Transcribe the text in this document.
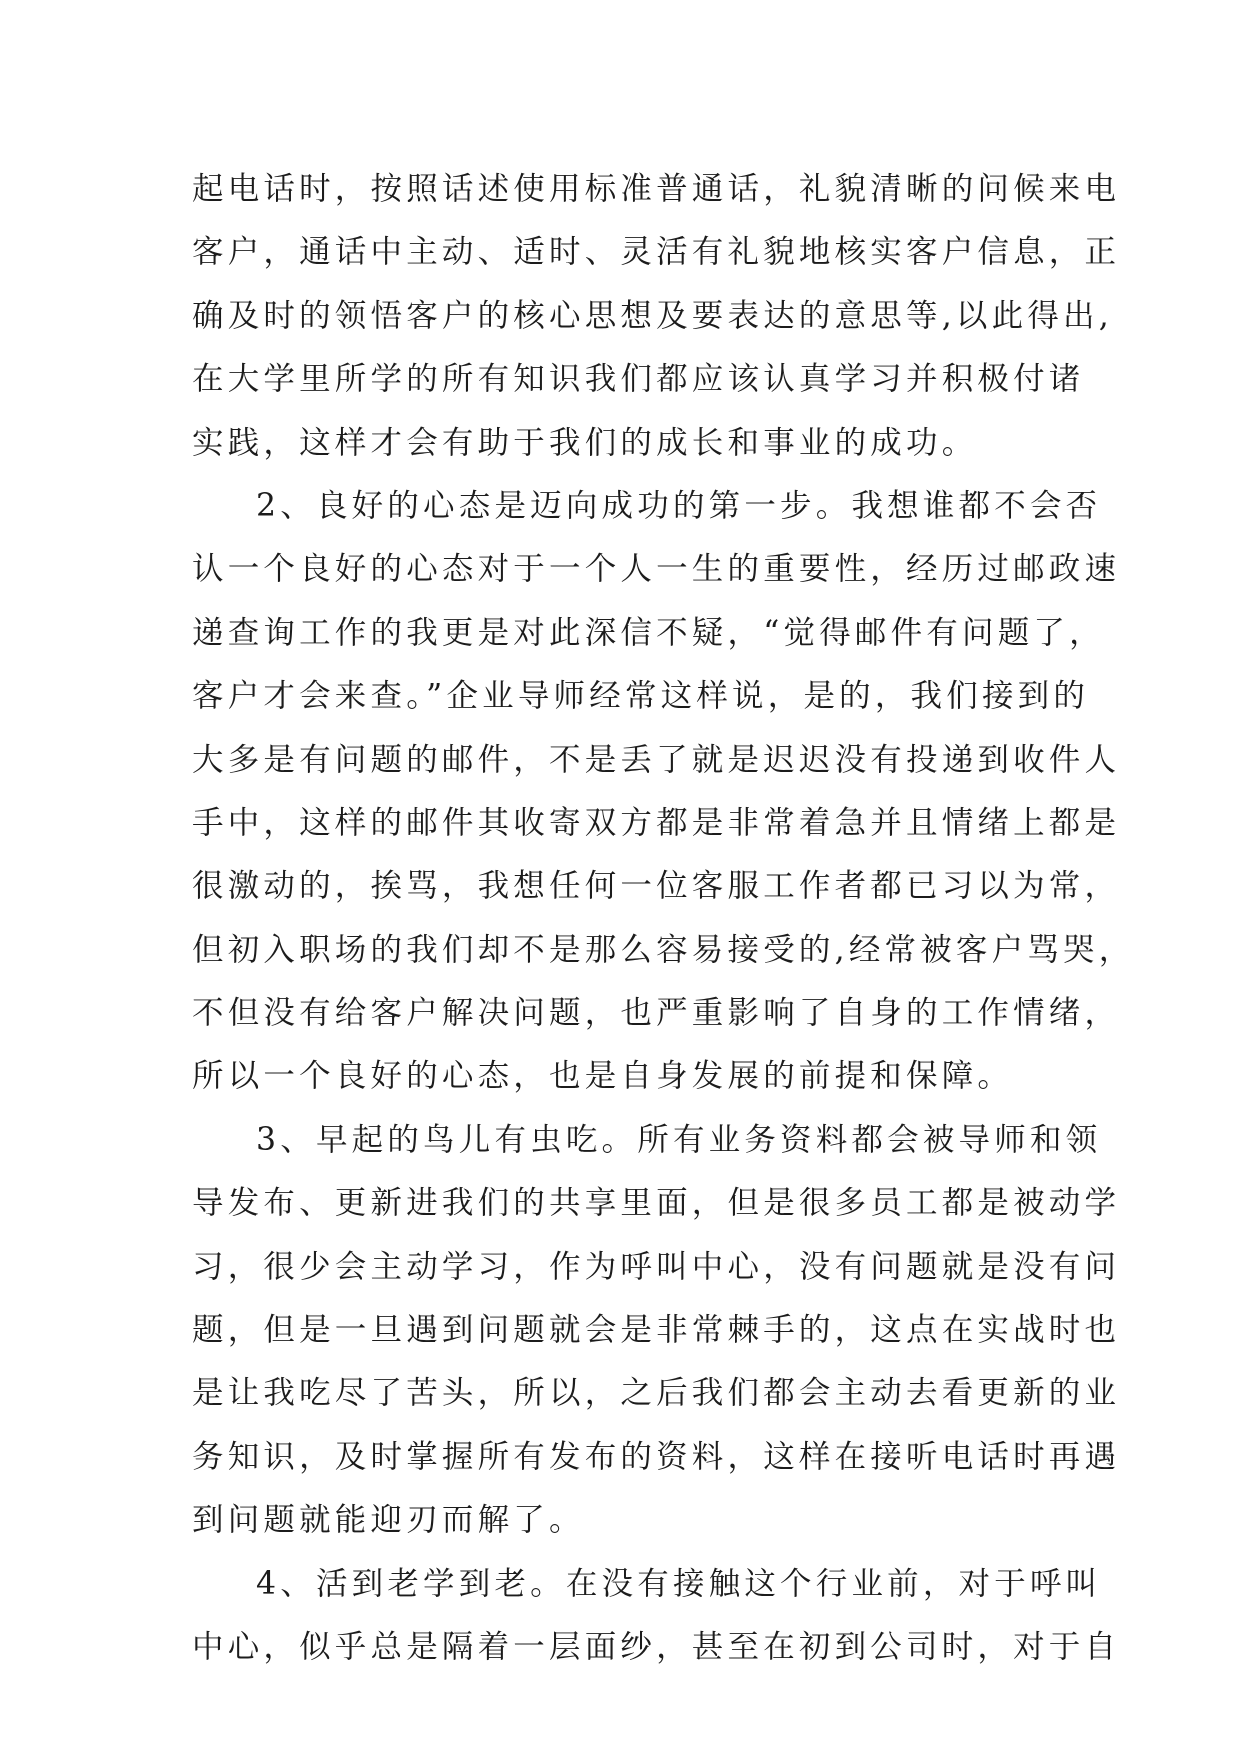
起电话时，按照话述使用标准普通话，礼貌清晰的问候来电
客户，通话中主动、适时、灵活有礼貌地核实客户信息，正
确及时的领悟客户的核心思想及要表达的意思等,以此得出,
在大学里所学的所有知识我们都应该认真学习并积极付诸
实践，这样才会有助于我们的成长和事业的成功。
2、良好的心态是迈向成功的第一步。我想谁都不会否
认一个良好的心态对于一个人一生的重要性，经历过邮政速
递查询工作的我更是对此深信不疑，“觉得邮件有问题了，
客户才会来查。”企业导师经常这样说，是的，我们接到的
大多是有问题的邮件，不是丢了就是迟迟没有投递到收件人
手中，这样的邮件其收寄双方都是非常着急并且情绪上都是
很激动的，挨骂，我想任何一位客服工作者都已习以为常，
但初入职场的我们却不是那么容易接受的,经常被客户骂哭，
不但没有给客户解决问题，也严重影响了自身的工作情绪，
所以一个良好的心态，也是自身发展的前提和保障。
3、早起的鸟儿有虫吃。所有业务资料都会被导师和领
导发布、更新进我们的共享里面，但是很多员工都是被动学
习，很少会主动学习，作为呼叫中心，没有问题就是没有问
题，但是一旦遇到问题就会是非常棘手的，这点在实战时也
是让我吃尽了苦头，所以，之后我们都会主动去看更新的业
务知识，及时掌握所有发布的资料，这样在接听电话时再遇
到问题就能迎刃而解了。
4、活到老学到老。在没有接触这个行业前，对于呼叫
中心，似乎总是隔着一层面纱，甚至在初到公司时，对于自
